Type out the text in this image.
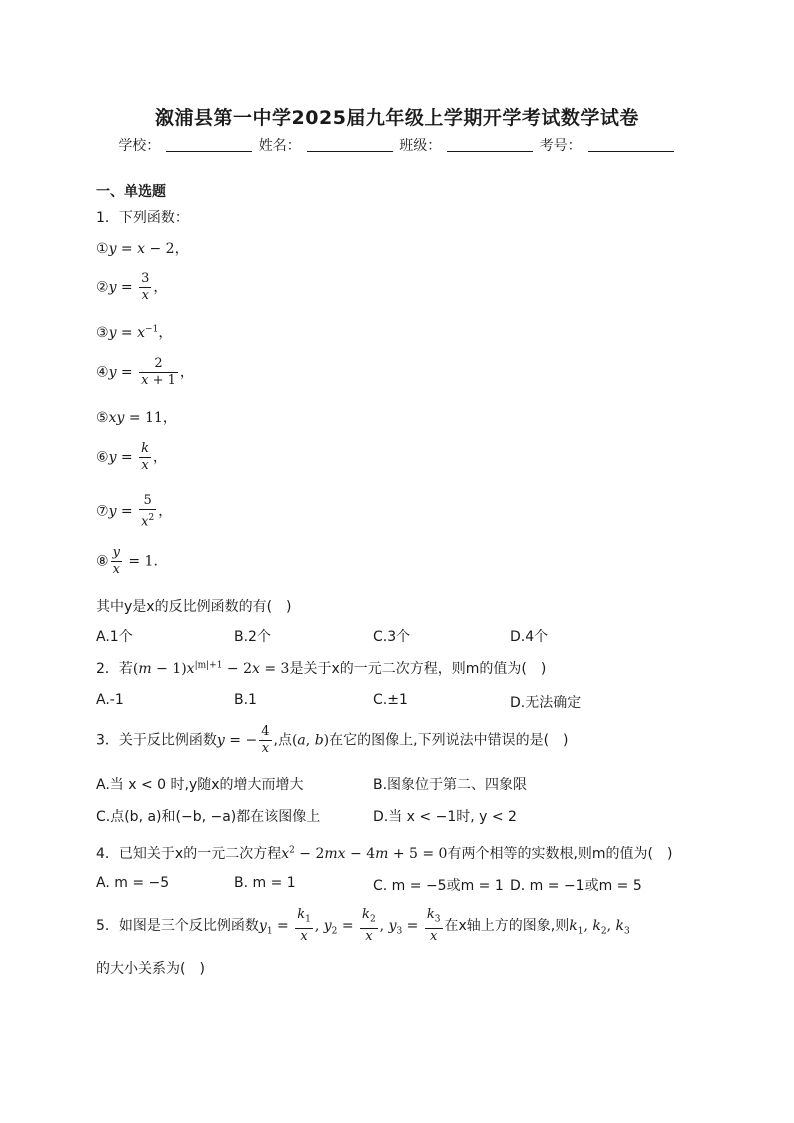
溆浦县第一中学2025届九年级上学期开学考试数学试卷
学校：	姓名：	班级：	考号：
一、单选题
1．下列函数：
①y = x − 2，
②y = $\frac{3}{x}$ ，
③y = $x^{-1}$，
④y = $\frac{2}{x + 1}$ ，
⑤xy = 11，
⑥y = $\frac{k}{x}$ ，
⑦y = $\frac{5}{x^2}$ ，
⑧ $\frac{y}{x} = 1$.
其中y是x的反比例函数的有(　)
A.1个	B.2个	C.3个	D.4个
2．若$(m - 1)x^{|m|+1} - 2x = 3$是关于x的一元二次方程，则m的值为(　)
A.-1	B.1	C.±1	D.无法确定
3．关于反比例函数y = − $\frac{4}{x}$ ,点(a, b)在它的图像上,下列说法中错误的是(　)
A.当 x < 0 时,y随x的增大而增大	B.图象位于第二、四象限
C.点(b, a)和(−b, −a)都在该图像上	D.当 x < −1时, y < 2
4．已知关于x的一元二次方程$x^2 - 2mx - 4m + 5 = 0$有两个相等的实数根,则m的值为(　)
A. m = −5	B. m = 1	C. m = −5或m = 1 D. m = −1或m = 5
5．如图是三个反比例函数$y_1 = \frac{k_1}{x}$ , $y_2 = \frac{k_2}{x}$ , $y_3 = \frac{k_3}{x}$ 在x轴上方的图象,则$k_1$, $k_2$, $k_3$
的大小关系为(　)
